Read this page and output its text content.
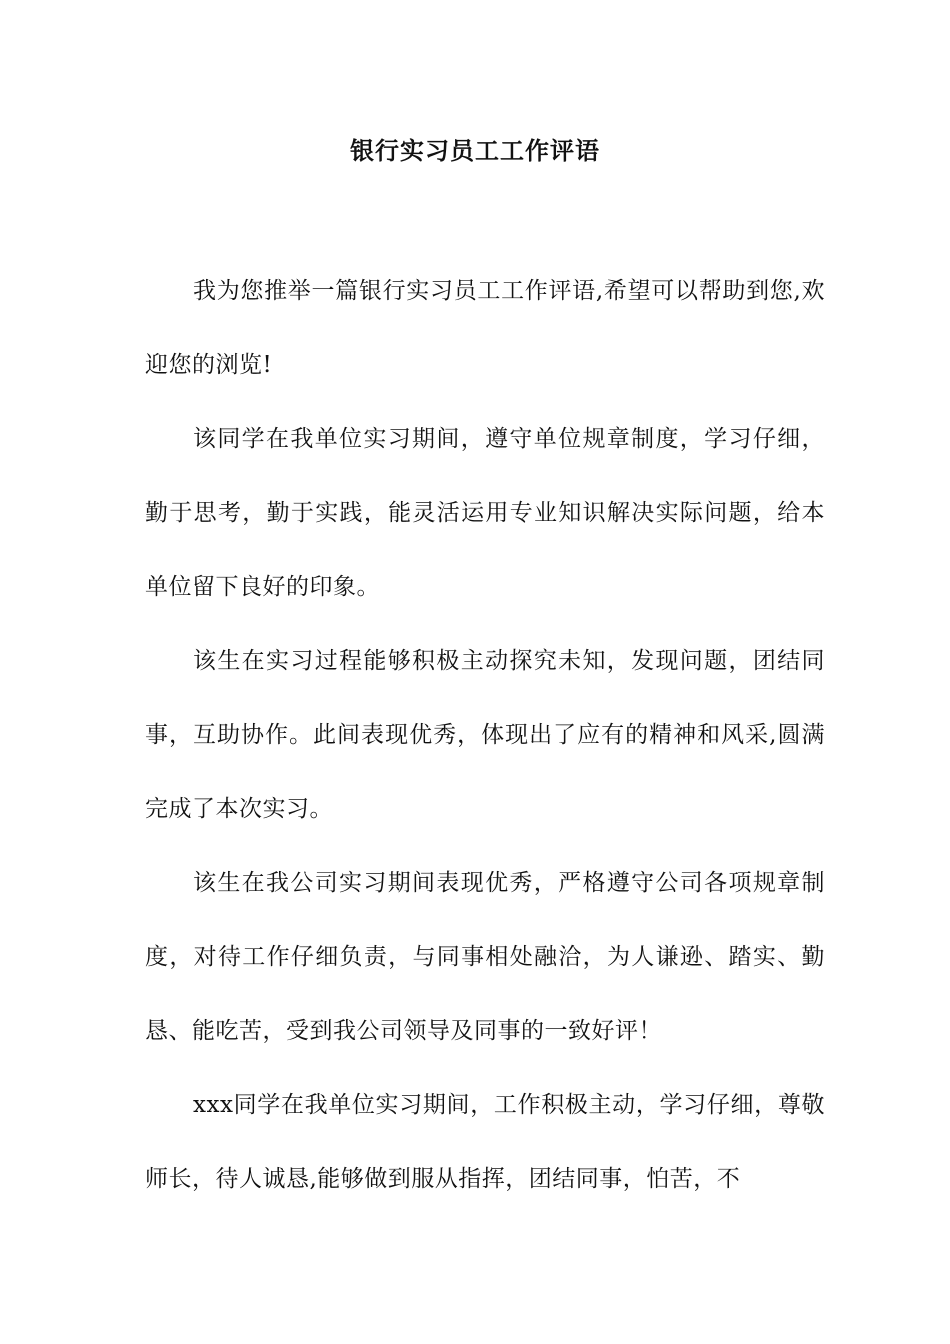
银行实习员工工作评语

我为您推举一篇银行实习员工工作评语,希望可以帮助到您,欢迎您的浏览!

该同学在我单位实习期间，遵守单位规章制度，学习仔细，勤于思考，勤于实践，能灵活运用专业知识解决实际问题，给本单位留下良好的印象。

该生在实习过程能够积极主动探究未知，发现问题，团结同事，互助协作。此间表现优秀，体现出了应有的精神和风采,圆满完成了本次实习。

该生在我公司实习期间表现优秀，严格遵守公司各项规章制度，对待工作仔细负责，与同事相处融洽，为人谦逊、踏实、勤恳、能吃苦，受到我公司领导及同事的一致好评！

xxx同学在我单位实习期间，工作积极主动，学习仔细，尊敬师长，待人诚恳,能够做到服从指挥，团结同事，怕苦，不
